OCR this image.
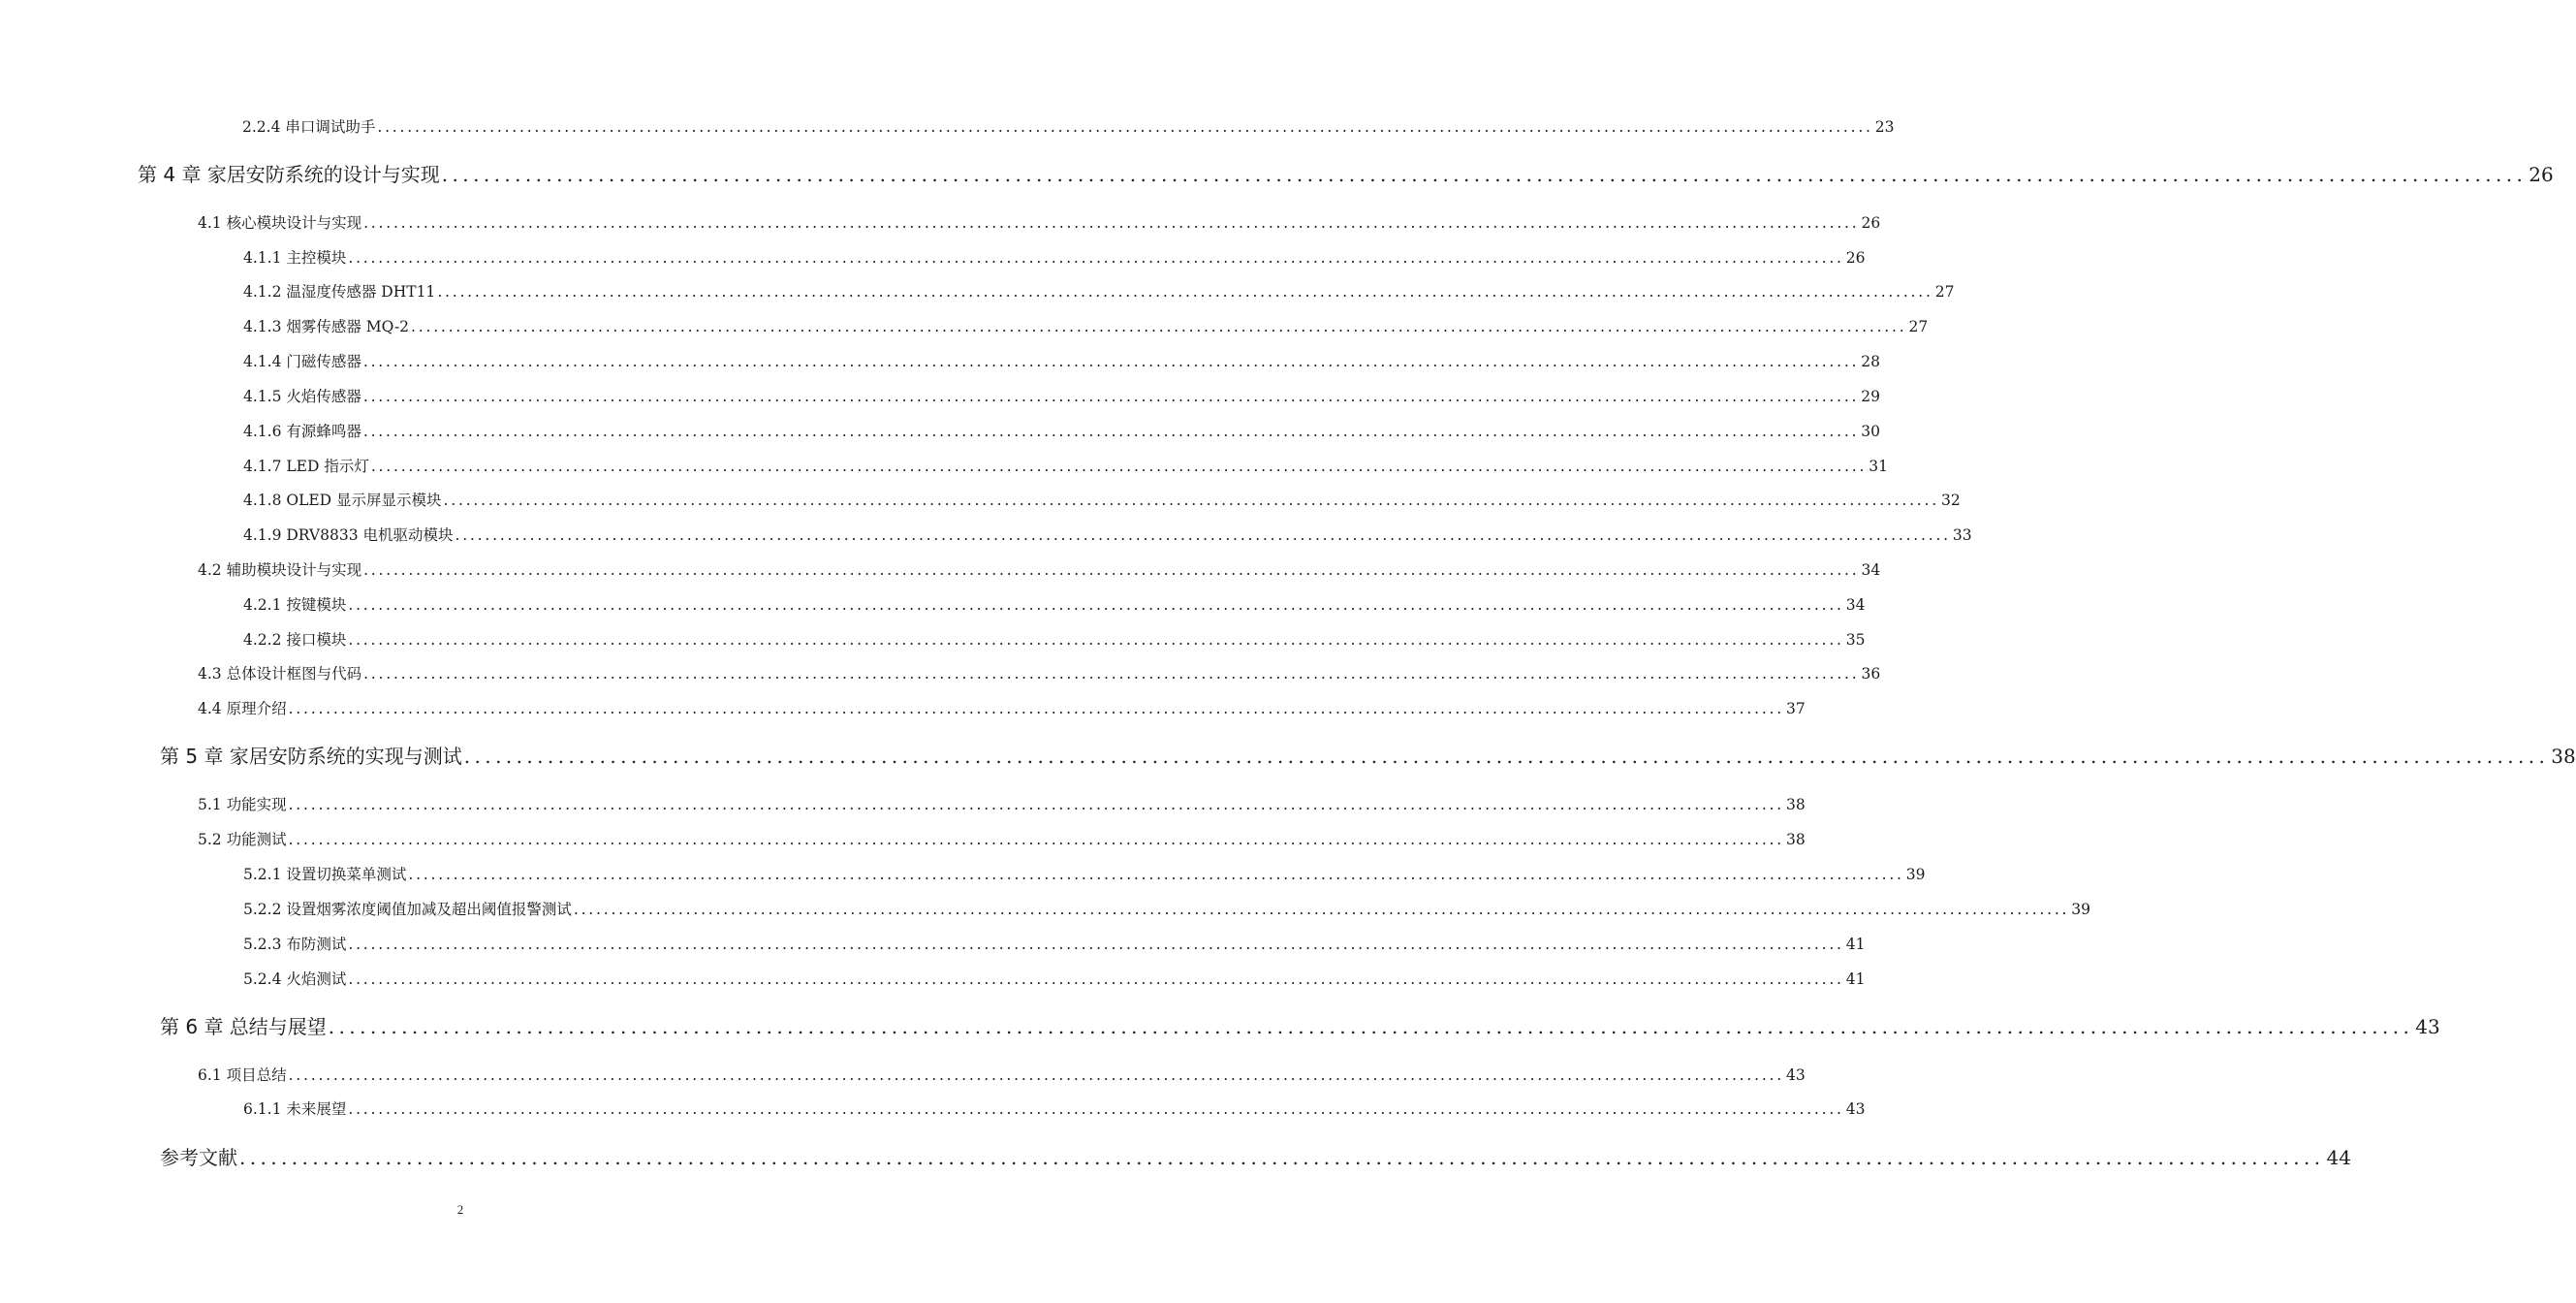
2.2.4 串口调试助手 ........................................................................................................................................................................................................ 23
第 4 章 家居安防系统的设计与实现 ........................................................................................................................................................................................................ 26
4.1 核心模块设计与实现 ........................................................................................................................................................................................................ 26
4.1.1 主控模块 ........................................................................................................................................................................................................ 26
4.1.2 温湿度传感器 DHT11 ........................................................................................................................................................................................................ 27
4.1.3 烟雾传感器 MQ-2 ........................................................................................................................................................................................................ 27
4.1.4 门磁传感器 ........................................................................................................................................................................................................ 28
4.1.5 火焰传感器 ........................................................................................................................................................................................................ 29
4.1.6 有源蜂鸣器 ........................................................................................................................................................................................................ 30
4.1.7 LED 指示灯 ........................................................................................................................................................................................................ 31
4.1.8 OLED 显示屏显示模块 ........................................................................................................................................................................................................ 32
4.1.9 DRV8833 电机驱动模块 ........................................................................................................................................................................................................ 33
4.2 辅助模块设计与实现 ........................................................................................................................................................................................................ 34
4.2.1 按键模块 ........................................................................................................................................................................................................ 34
4.2.2 接口模块 ........................................................................................................................................................................................................ 35
4.3 总体设计框图与代码 ........................................................................................................................................................................................................ 36
4.4 原理介绍 ........................................................................................................................................................................................................ 37
第 5 章 家居安防系统的实现与测试 ........................................................................................................................................................................................................ 38
5.1 功能实现 ........................................................................................................................................................................................................ 38
5.2 功能测试 ........................................................................................................................................................................................................ 38
5.2.1 设置切换菜单测试 ........................................................................................................................................................................................................ 39
5.2.2 设置烟雾浓度阈值加减及超出阈值报警测试 ........................................................................................................................................................................................................ 39
5.2.3 布防测试 ........................................................................................................................................................................................................ 41
5.2.4 火焰测试 ........................................................................................................................................................................................................ 41
第 6 章 总结与展望 ........................................................................................................................................................................................................ 43
6.1 项目总结 ........................................................................................................................................................................................................ 43
6.1.1 未来展望 ........................................................................................................................................................................................................ 43
参考文献 ........................................................................................................................................................................................................ 44
2
